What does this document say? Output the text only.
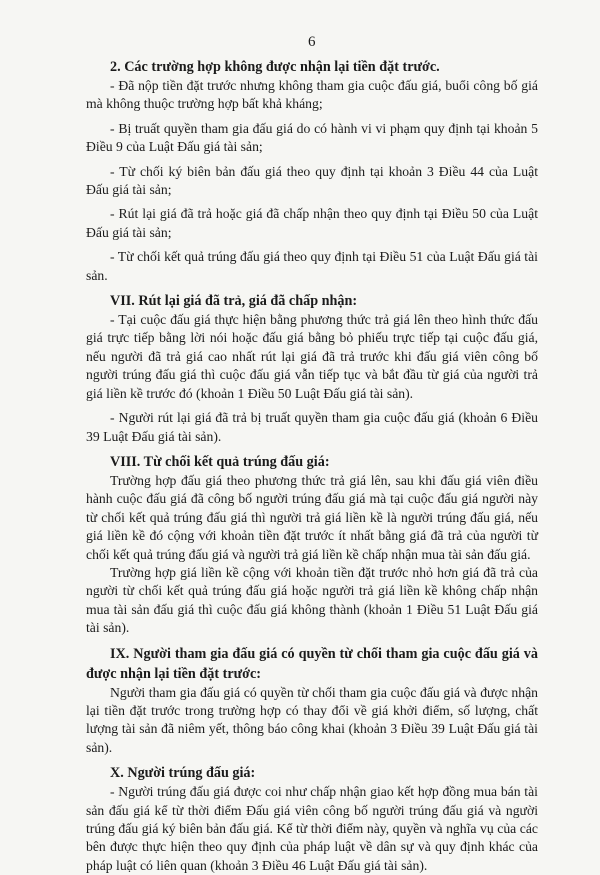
6

2. Các trường hợp không được nhận lại tiền đặt trước.

- Đã nộp tiền đặt trước nhưng không tham gia cuộc đấu giá, buổi công bố giá mà không thuộc trường hợp bất khả kháng;

- Bị truất quyền tham gia đấu giá do có hành vi vi phạm quy định tại khoản 5 Điều 9 của Luật Đấu giá tài sản;

- Từ chối ký biên bản đấu giá theo quy định tại khoản 3 Điều 44 của Luật Đấu giá tài sản;

- Rút lại giá đã trả hoặc giá đã chấp nhận theo quy định tại Điều 50 của Luật Đấu giá tài sản;

- Từ chối kết quả trúng đấu giá theo quy định tại Điều 51 của Luật Đấu giá tài sản.

VII. Rút lại giá đã trả, giá đã chấp nhận:

- Tại cuộc đấu giá thực hiện bằng phương thức trả giá lên theo hình thức đấu giá trực tiếp bằng lời nói hoặc đấu giá bằng bỏ phiếu trực tiếp tại cuộc đấu giá, nếu người đã trả giá cao nhất rút lại giá đã trả trước khi đấu giá viên công bố người trúng đấu giá thì cuộc đấu giá vẫn tiếp tục và bắt đầu từ giá của người trả giá liền kề trước đó (khoản 1 Điều 50 Luật Đấu giá tài sản).

- Người rút lại giá đã trả bị truất quyền tham gia cuộc đấu giá (khoản 6 Điều 39 Luật Đấu giá tài sản).

VIII. Từ chối kết quả trúng đấu giá:

Trường hợp đấu giá theo phương thức trả giá lên, sau khi đấu giá viên điều hành cuộc đấu giá đã công bố người trúng đấu giá mà tại cuộc đấu giá người này từ chối kết quả trúng đấu giá thì người trả giá liền kề là người trúng đấu giá, nếu giá liền kề đó cộng với khoản tiền đặt trước ít nhất bằng giá đã trả của người từ chối kết quả trúng đấu giá và người trả giá liền kề chấp nhận mua tài sản đấu giá.

Trường hợp giá liền kề cộng với khoản tiền đặt trước nhỏ hơn giá đã trả của người từ chối kết quả trúng đấu giá hoặc người trả giá liền kề không chấp nhận mua tài sản đấu giá thì cuộc đấu giá không thành (khoản 1 Điều 51 Luật Đấu giá tài sản).

IX. Người tham gia đấu giá có quyền từ chối tham gia cuộc đấu giá và được nhận lại tiền đặt trước:

Người tham gia đấu giá có quyền từ chối tham gia cuộc đấu giá và được nhận lại tiền đặt trước trong trường hợp có thay đổi về giá khởi điểm, số lượng, chất lượng tài sản đã niêm yết, thông báo công khai (khoản 3 Điều 39 Luật Đấu giá tài sản).

X. Người trúng đấu giá:

- Người trúng đấu giá được coi như chấp nhận giao kết hợp đồng mua bán tài sản đấu giá kể từ thời điểm Đấu giá viên công bố người trúng đấu giá và người trúng đấu giá ký biên bản đấu giá. Kể từ thời điểm này, quyền và nghĩa vụ của các bên được thực hiện theo quy định của pháp luật về dân sự và quy định khác của pháp luật có liên quan (khoản 3 Điều 46 Luật Đấu giá tài sản).
